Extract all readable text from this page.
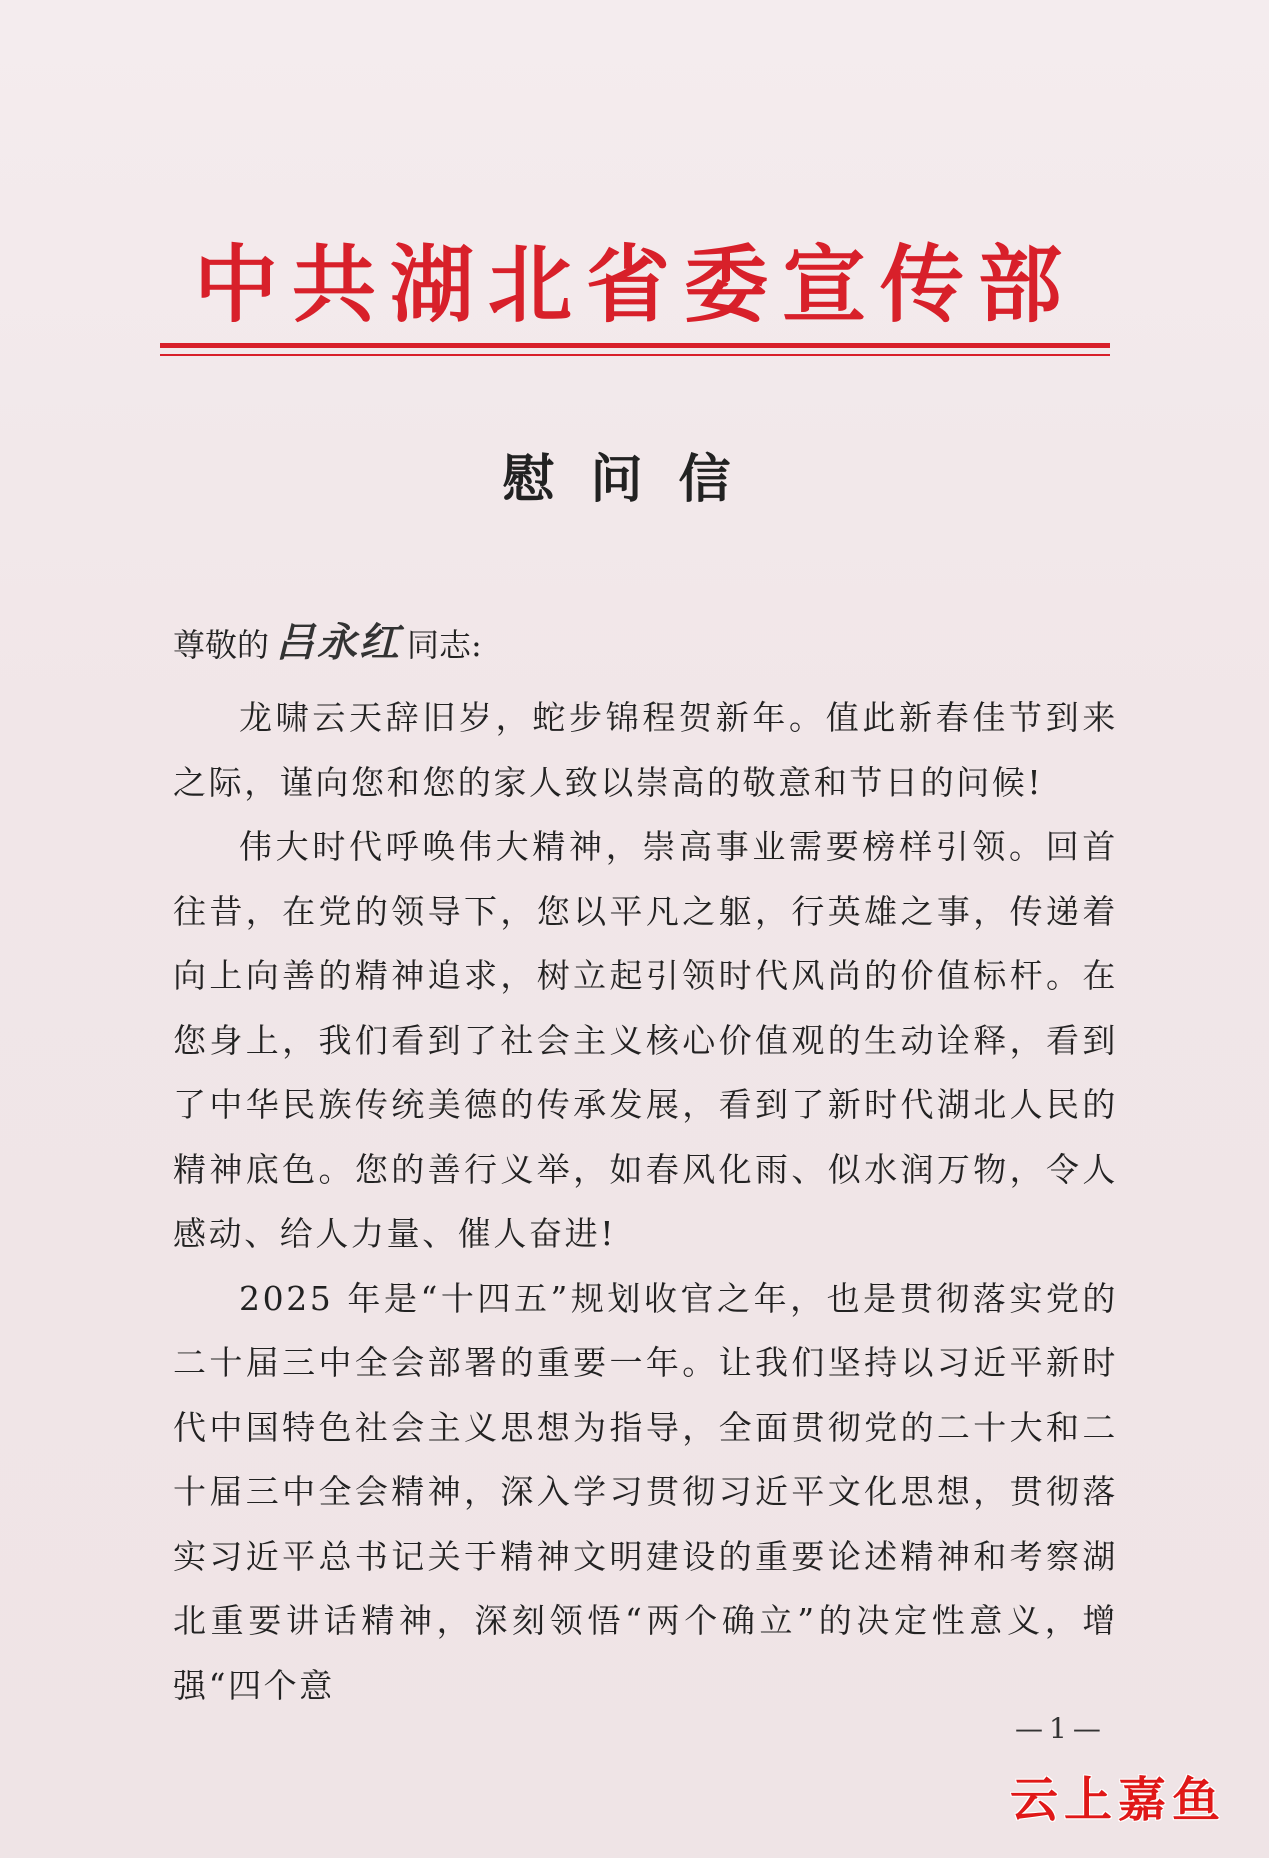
中共湖北省委宣传部
慰问信
尊敬的 吕永红 同志:

龙啸云天辞旧岁，蛇步锦程贺新年。值此新春佳节到来之际，谨向您和您的家人致以崇高的敬意和节日的问候!

伟大时代呼唤伟大精神，崇高事业需要榜样引领。回首往昔，在党的领导下，您以平凡之躯，行英雄之事，传递着向上向善的精神追求，树立起引领时代风尚的价值标杆。在您身上，我们看到了社会主义核心价值观的生动诠释，看到了中华民族传统美德的传承发展，看到了新时代湖北人民的精神底色。您的善行义举，如春风化雨、似水润万物，令人感动、给人力量、催人奋进!

2025 年是“十四五”规划收官之年，也是贯彻落实党的二十届三中全会部署的重要一年。让我们坚持以习近平新时代中国特色社会主义思想为指导，全面贯彻党的二十大和二十届三中全会精神，深入学习贯彻习近平文化思想，贯彻落实习近平总书记关于精神文明建设的重要论述精神和考察湖北重要讲话精神，深刻领悟“两个确立”的决定性意义，增强“四个意

—1—
云上嘉鱼
